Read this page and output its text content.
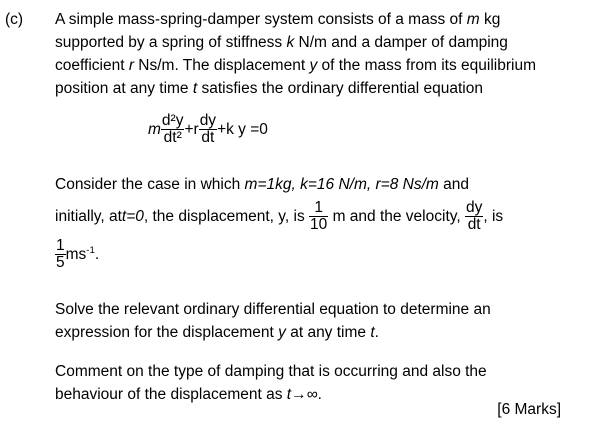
(c) A simple mass-spring-damper system consists of a mass of m kg
supported by a spring of stiffness k N/m and a damper of damping
coefficient r Ns/m. The displacement y of the mass from its equilibrium
position at any time t satisfies the ordinary differential equation
m $\frac{\text{d²y}}{\text{dt²}} +r \frac{dy}{dt} +k$ y =0
Consider the case in which m=1kg, k=16 N/m, r=8 Ns/m and
initially, att=0, the displacement, y, is $\frac{1}{10}$ m and the velocity, $\frac{dy}{dt}$ , is
$\frac{1}{5} ms^{-1}$.
Solve the relevant ordinary differential equation to determine an
expression for the displacement y at any time t.
Comment on the type of damping that is occurring and also the
behaviour of the displacement as t→∞.
[6 Marks]
